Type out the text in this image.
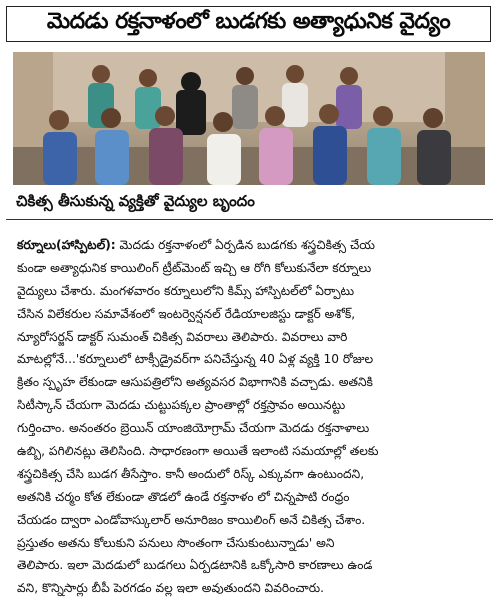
మెదడు రక్తనాళంలో బుడగకు అత్యాధునిక వైద్యం
చికిత్స తీసుకున్న వ్యక్తితో వైద్యుల బృందం
కర్నూలు(హాస్పిటల్): మెదడు రక్తనాళంలో ఏర్పడిన బుడగకు శస్త్రచికిత్స చేయ
కుండా అత్యాధునిక కాయిలింగ్ ట్రీట్‌మెంట్ ఇచ్చి ఆ రోగి కోలుకునేలా కర్నూలు
వైద్యులు చేశారు. మంగళవారం కర్నూలులోని కిమ్స్ హాస్పిటల్‌లో ఏర్పాటు
చేసిన విలేకరుల సమావేశంలో ఇంటర్వెన్షనల్ రేడియాలజిస్టు డాక్టర్ అశోక్,
న్యూరోసర్జన్ డాక్టర్ సుమంత్ చికిత్స వివరాలు తెలిపారు. వివరాలు వారి
మాటల్లోనే...'కర్నూలులో టాక్సీడ్రైవర్‌గా పనిచేస్తున్న 40 ఏళ్ల వ్యక్తి 10 రోజుల
క్రితం స్పృహ లేకుండా ఆసుపత్రిలోని అత్యవసర విభాగానికి వచ్చాడు. అతనికి
సిటీస్కాన్ చేయగా మెదడు చుట్టుపక్కల ప్రాంతాల్లో రక్తస్రావం అయినట్టు
గుర్తించాం. అనంతరం బ్రెయిన్ యాంజియోగ్రామ్ చేయగా మెదడు రక్తనాళాలు
ఉబ్బి, పగిలినట్లు తెలిసింది. సాధారణంగా అయితే ఇలాంటి సమయాల్లో తలకు
శస్త్రచికిత్స చేసి బుడగ తీసేస్తాం. కానీ అందులో రిస్క్ ఎక్కువగా ఉంటుందని,
అతనికి చర్మం కోత లేకుండా తొడలో ఉండే రక్తనాళం లో చిన్నపాటి రంధ్రం
చేయడం ద్వారా ఎండోవాస్కులార్ అనూరిజం కాయిలింగ్ అనే చికిత్స చేశాం.
ప్రస్తుతం అతను కోలుకుని పనులు సొంతంగా చేసుకుంటున్నాడు' అని
తెలిపారు. ఇలా మెదడులో బుడగలు ఏర్పడటానికి ఒక్కోసారి కారణాలు ఉండ
వని, కొన్నిసార్లు బీపీ పెరగడం వల్ల ఇలా అవుతుందని వివరించారు.
